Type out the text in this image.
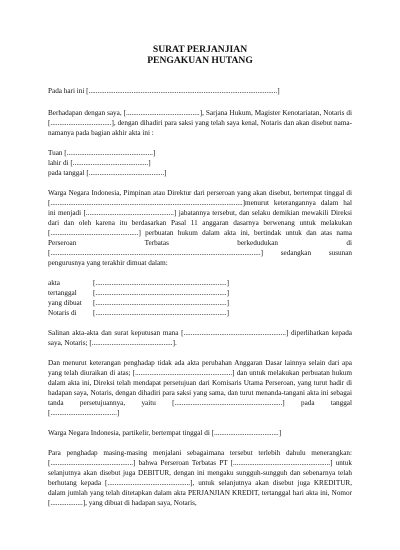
SURAT PERJANJIAN
PENGAKUAN HUTANG

Pada hari ini [.........................................................................................................]

Berhadapan dengan saya, [.........................................], Sarjana Hukum, Magister Kenotariatan, Notaris di [..................................], dengan dihadiri para saksi yang telah saya kenal, Notaris dan akan disebut nama-namanya pada bagian akhir akta ini :

Tuan [................................................]
lahir di [..........................................]
pada tanggal [..........................................]

Warga Negara Indonesia, Pimpinan atau Direktur dari perseroan yang akan disebut, bertempat tinggal di [...........................................................................................................]menurut keterangannya dalam hal ini menjadi [.................................................] jabatannya tersebut, dan selaku demikian mewakili Direksi dari dan oleh karena itu berdasarkan Pasal 11 anggaran dasarnya berwenang untuk melakukan [.................................................] perbuatan hukum dalam akta ini, bertindak untuk dan atas nama Perseroan Terbatas berkedudukan di [.....................................................................................................................] sedangkan susunan pengurusnya yang terakhir dimuat dalam:

akta	[.........................................................................]
tertanggal	[.........................................................................]
yang dibuat	[.........................................................................]
Notaris di	[.........................................................................]

Salinan akta-akta dan surat keputusan mana [.........................................................] diperlihatkan kepada saya, Notaris; [.............................................].

Dan menurut keterangan penghadap tidak ada akta perubahan Anggaran Dasar lainnya selain dari apa yang telah diuraikan di atas; [......................................................] dan untuk melakukan perbuatan hukum dalam akta ini, Direksi telah mendapat persetujuan dari Komisaris Utama Perseroan, yang turut hadir di hadapan saya, Notaris, dengan dihadiri para saksi yang sama, dan turut menanda-tangani akta ini sebagai tanda persetujuannya, yaitu [............................................................] pada tanggal [.....................................]

Warga Negara Indonesia, partikelir, bertempat tinggal di [....................................]

Para penghadap masing-masing menjalani sebagaimana tersebut terlebih dahulu menerangkan: [..............................................] bahwa Perseroan Terbatas PT [......................................................] untuk selanjutnya akan disebut juga DEBITUR, dengan ini mengaku sungguh-sungguh dan sebenarnya telah berhutang kepada [..............................................], untuk selanjutnya akan disebut juga KREDITUR, dalam jumlah yang telah ditetapkan dalam akta PERJANJIAN KREDIT, tertanggal hari akta ini, Nomor [..................], yang dibuat di hadapan saya, Notaris,
